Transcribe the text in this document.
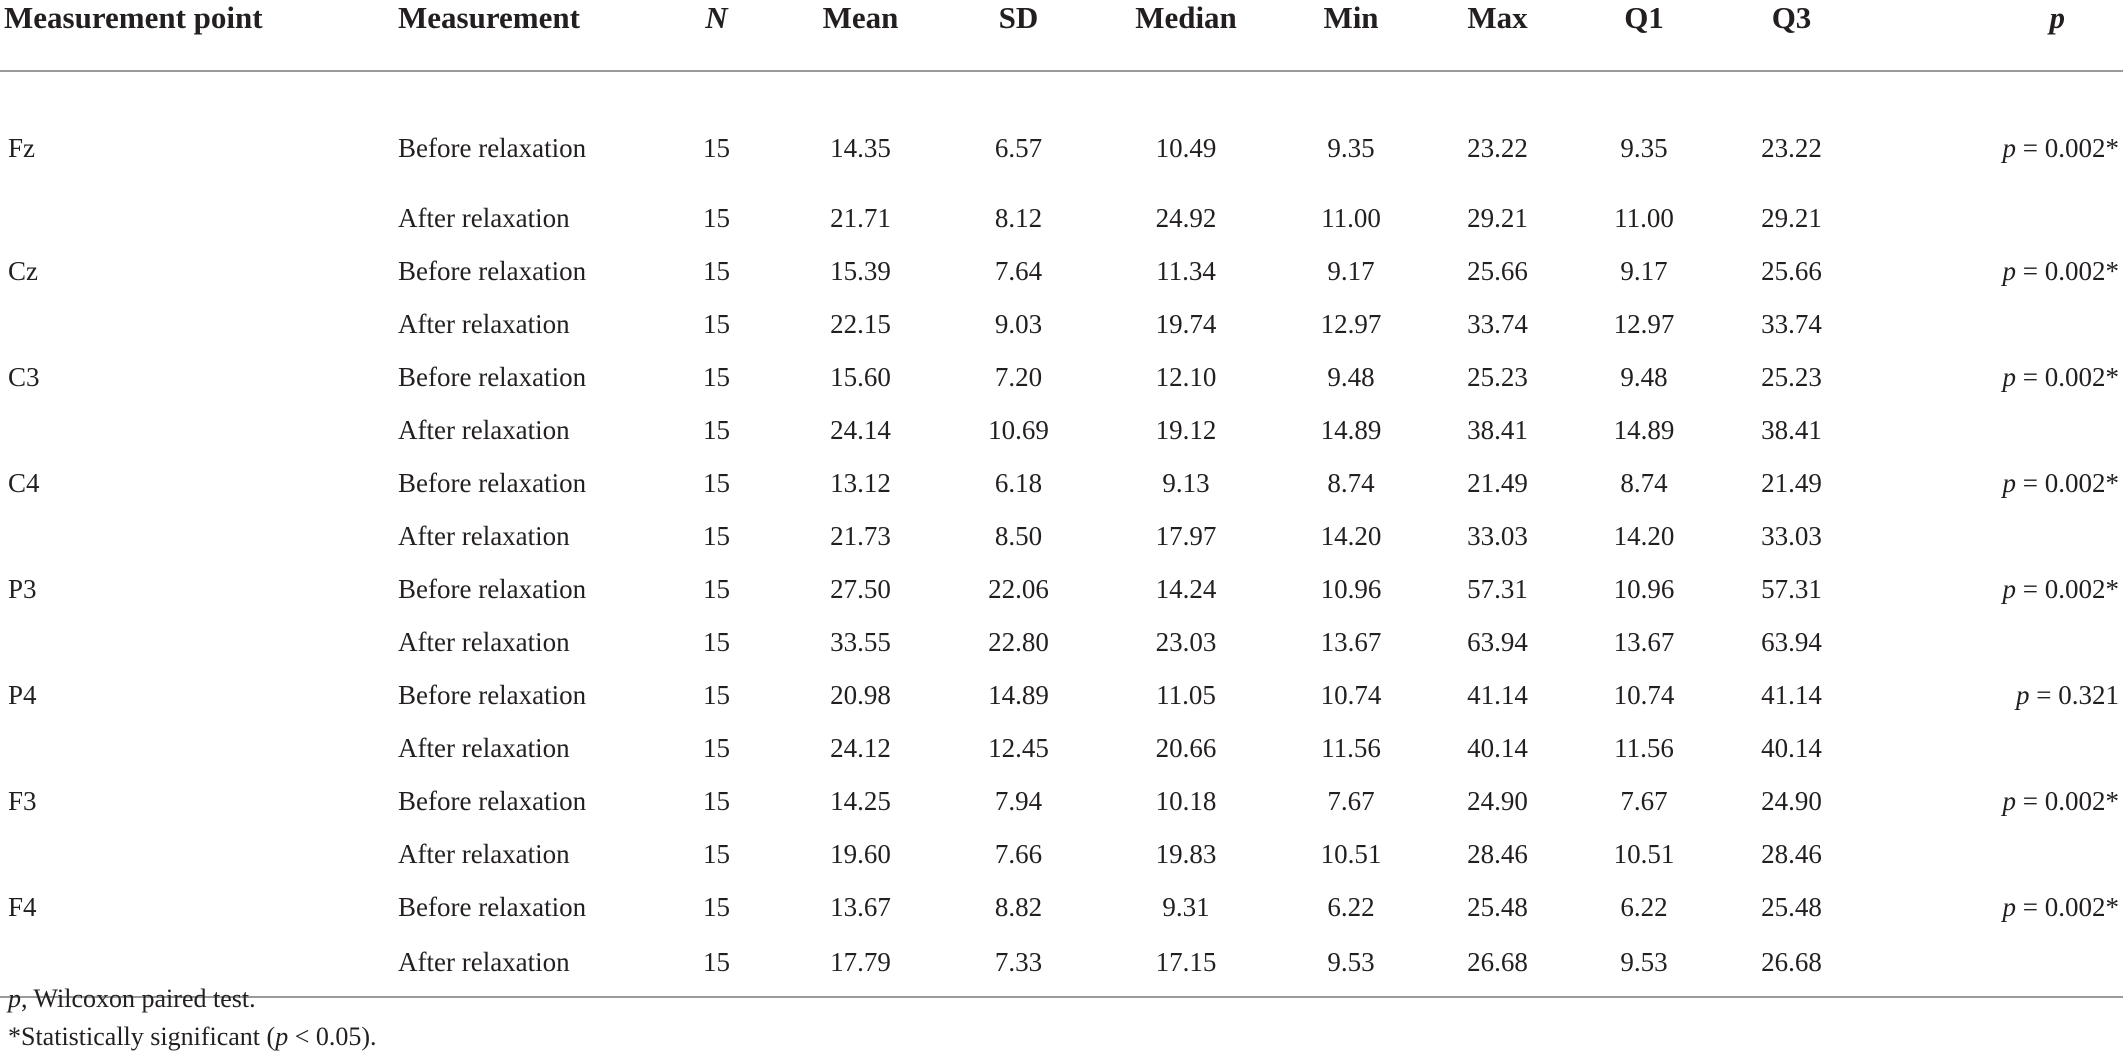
Measurement point	Measurement	N	Mean	SD	Median	Min	Max	Q1	Q3	p
Fz	Before relaxation	15	14.35	6.57	10.49	9.35	23.22	9.35	23.22	p = 0.002*
	After relaxation	15	21.71	8.12	24.92	11.00	29.21	11.00	29.21	
Cz	Before relaxation	15	15.39	7.64	11.34	9.17	25.66	9.17	25.66	p = 0.002*
	After relaxation	15	22.15	9.03	19.74	12.97	33.74	12.97	33.74	
C3	Before relaxation	15	15.60	7.20	12.10	9.48	25.23	9.48	25.23	p = 0.002*
	After relaxation	15	24.14	10.69	19.12	14.89	38.41	14.89	38.41	
C4	Before relaxation	15	13.12	6.18	9.13	8.74	21.49	8.74	21.49	p = 0.002*
	After relaxation	15	21.73	8.50	17.97	14.20	33.03	14.20	33.03	
P3	Before relaxation	15	27.50	22.06	14.24	10.96	57.31	10.96	57.31	p = 0.002*
	After relaxation	15	33.55	22.80	23.03	13.67	63.94	13.67	63.94	
P4	Before relaxation	15	20.98	14.89	11.05	10.74	41.14	10.74	41.14	p = 0.321
	After relaxation	15	24.12	12.45	20.66	11.56	40.14	11.56	40.14	
F3	Before relaxation	15	14.25	7.94	10.18	7.67	24.90	7.67	24.90	p = 0.002*
	After relaxation	15	19.60	7.66	19.83	10.51	28.46	10.51	28.46	
F4	Before relaxation	15	13.67	8.82	9.31	6.22	25.48	6.22	25.48	p = 0.002*
	After relaxation	15	17.79	7.33	17.15	9.53	26.68	9.53	26.68	
p, Wilcoxon paired test.
*Statistically significant (p < 0.05).
